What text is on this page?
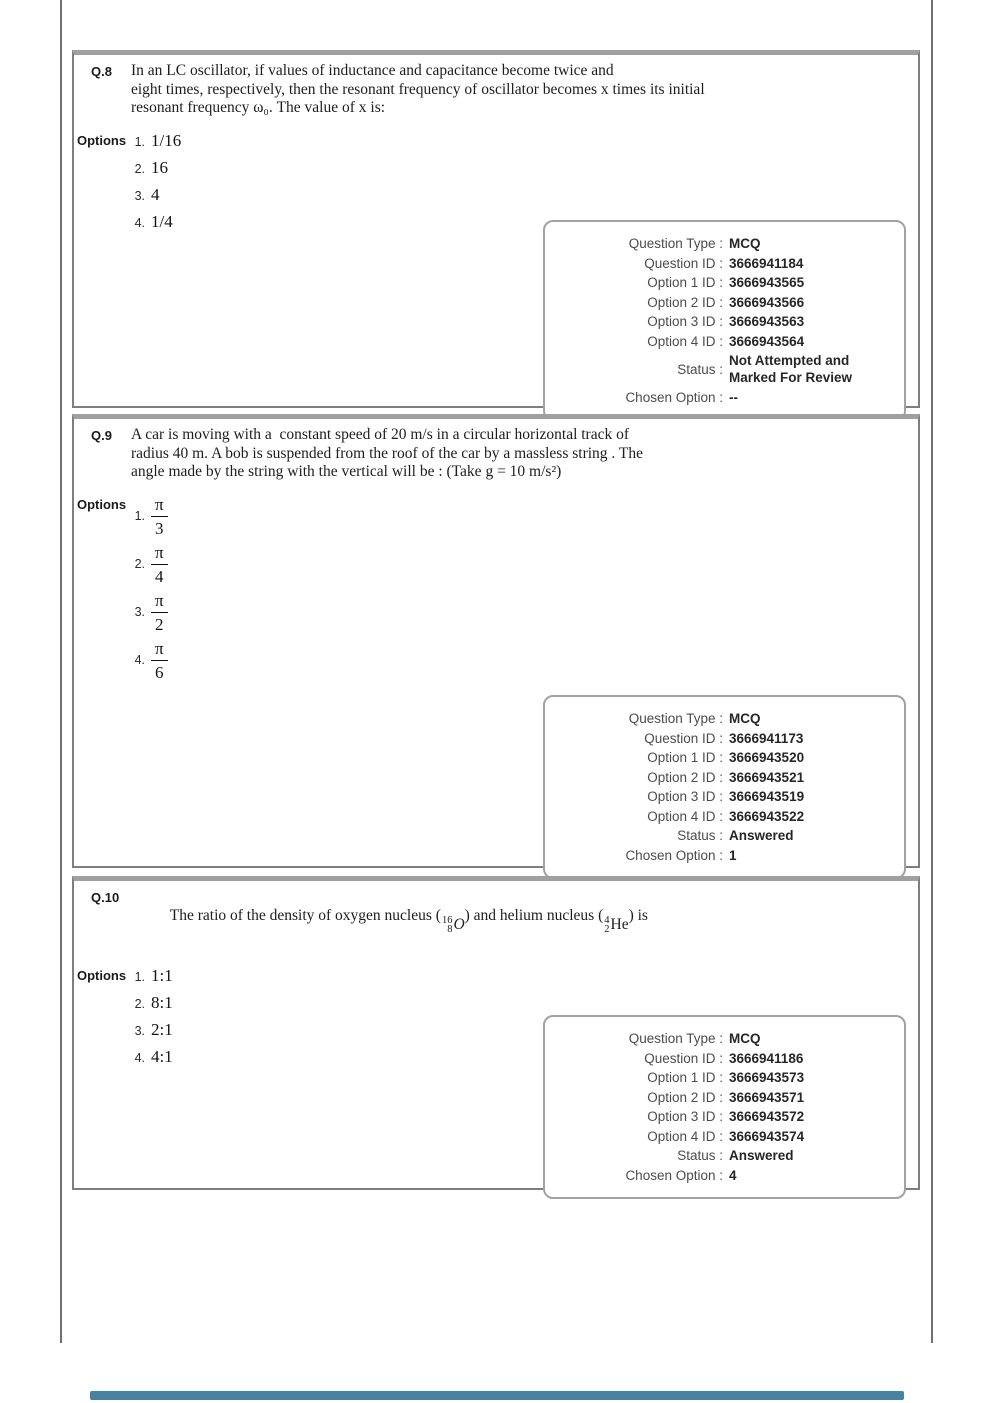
Q.8	In an LC oscillator, if values of inductance and capacitance become twice and
eight times, respectively, then the resonant frequency of oscillator becomes x times its initial
resonant frequency ω₀. The value of x is:
Options 1. 1/16
2. 16
3. 4
4. 1/4
Question Type : MCQ
Question ID : 3666941184
Option 1 ID : 3666943565
Option 2 ID : 3666943566
Option 3 ID : 3666943563
Option 4 ID : 3666943564
Status :
Not Attempted and Marked For Review
Chosen Option : --
Q.9	A car is moving with a  constant speed of 20 m/s in a circular horizontal track of
radius 40 m. A bob is suspended from the roof of the car by a massless string . The
angle made by the string with the vertical will be : (Take g = 10 m/s²)
Options
1. $\frac{\pi}{3}$
2. $\frac{\pi}{4}$
3. $\frac{\pi}{2}$
4. $\frac{\pi}{6}$
Question Type : MCQ
Question ID : 3666941173
Option 1 ID : 3666943520
Option 2 ID : 3666943521
Option 3 ID : 3666943519
Option 4 ID : 3666943522
Status : Answered
Chosen Option : 1
Q.10

The ratio of the density of oxygen nucleus ( 16
8 O
) and helium nucleus ( 4
2 He
) is

Options 1. 1:1
2. 8:1
3. 2:1
4. 4:1
Question Type : MCQ
Question ID : 3666941186
Option 1 ID : 3666943573
Option 2 ID : 3666943571
Option 3 ID : 3666943572
Option 4 ID : 3666943574
Status : Answered
Chosen Option : 4
